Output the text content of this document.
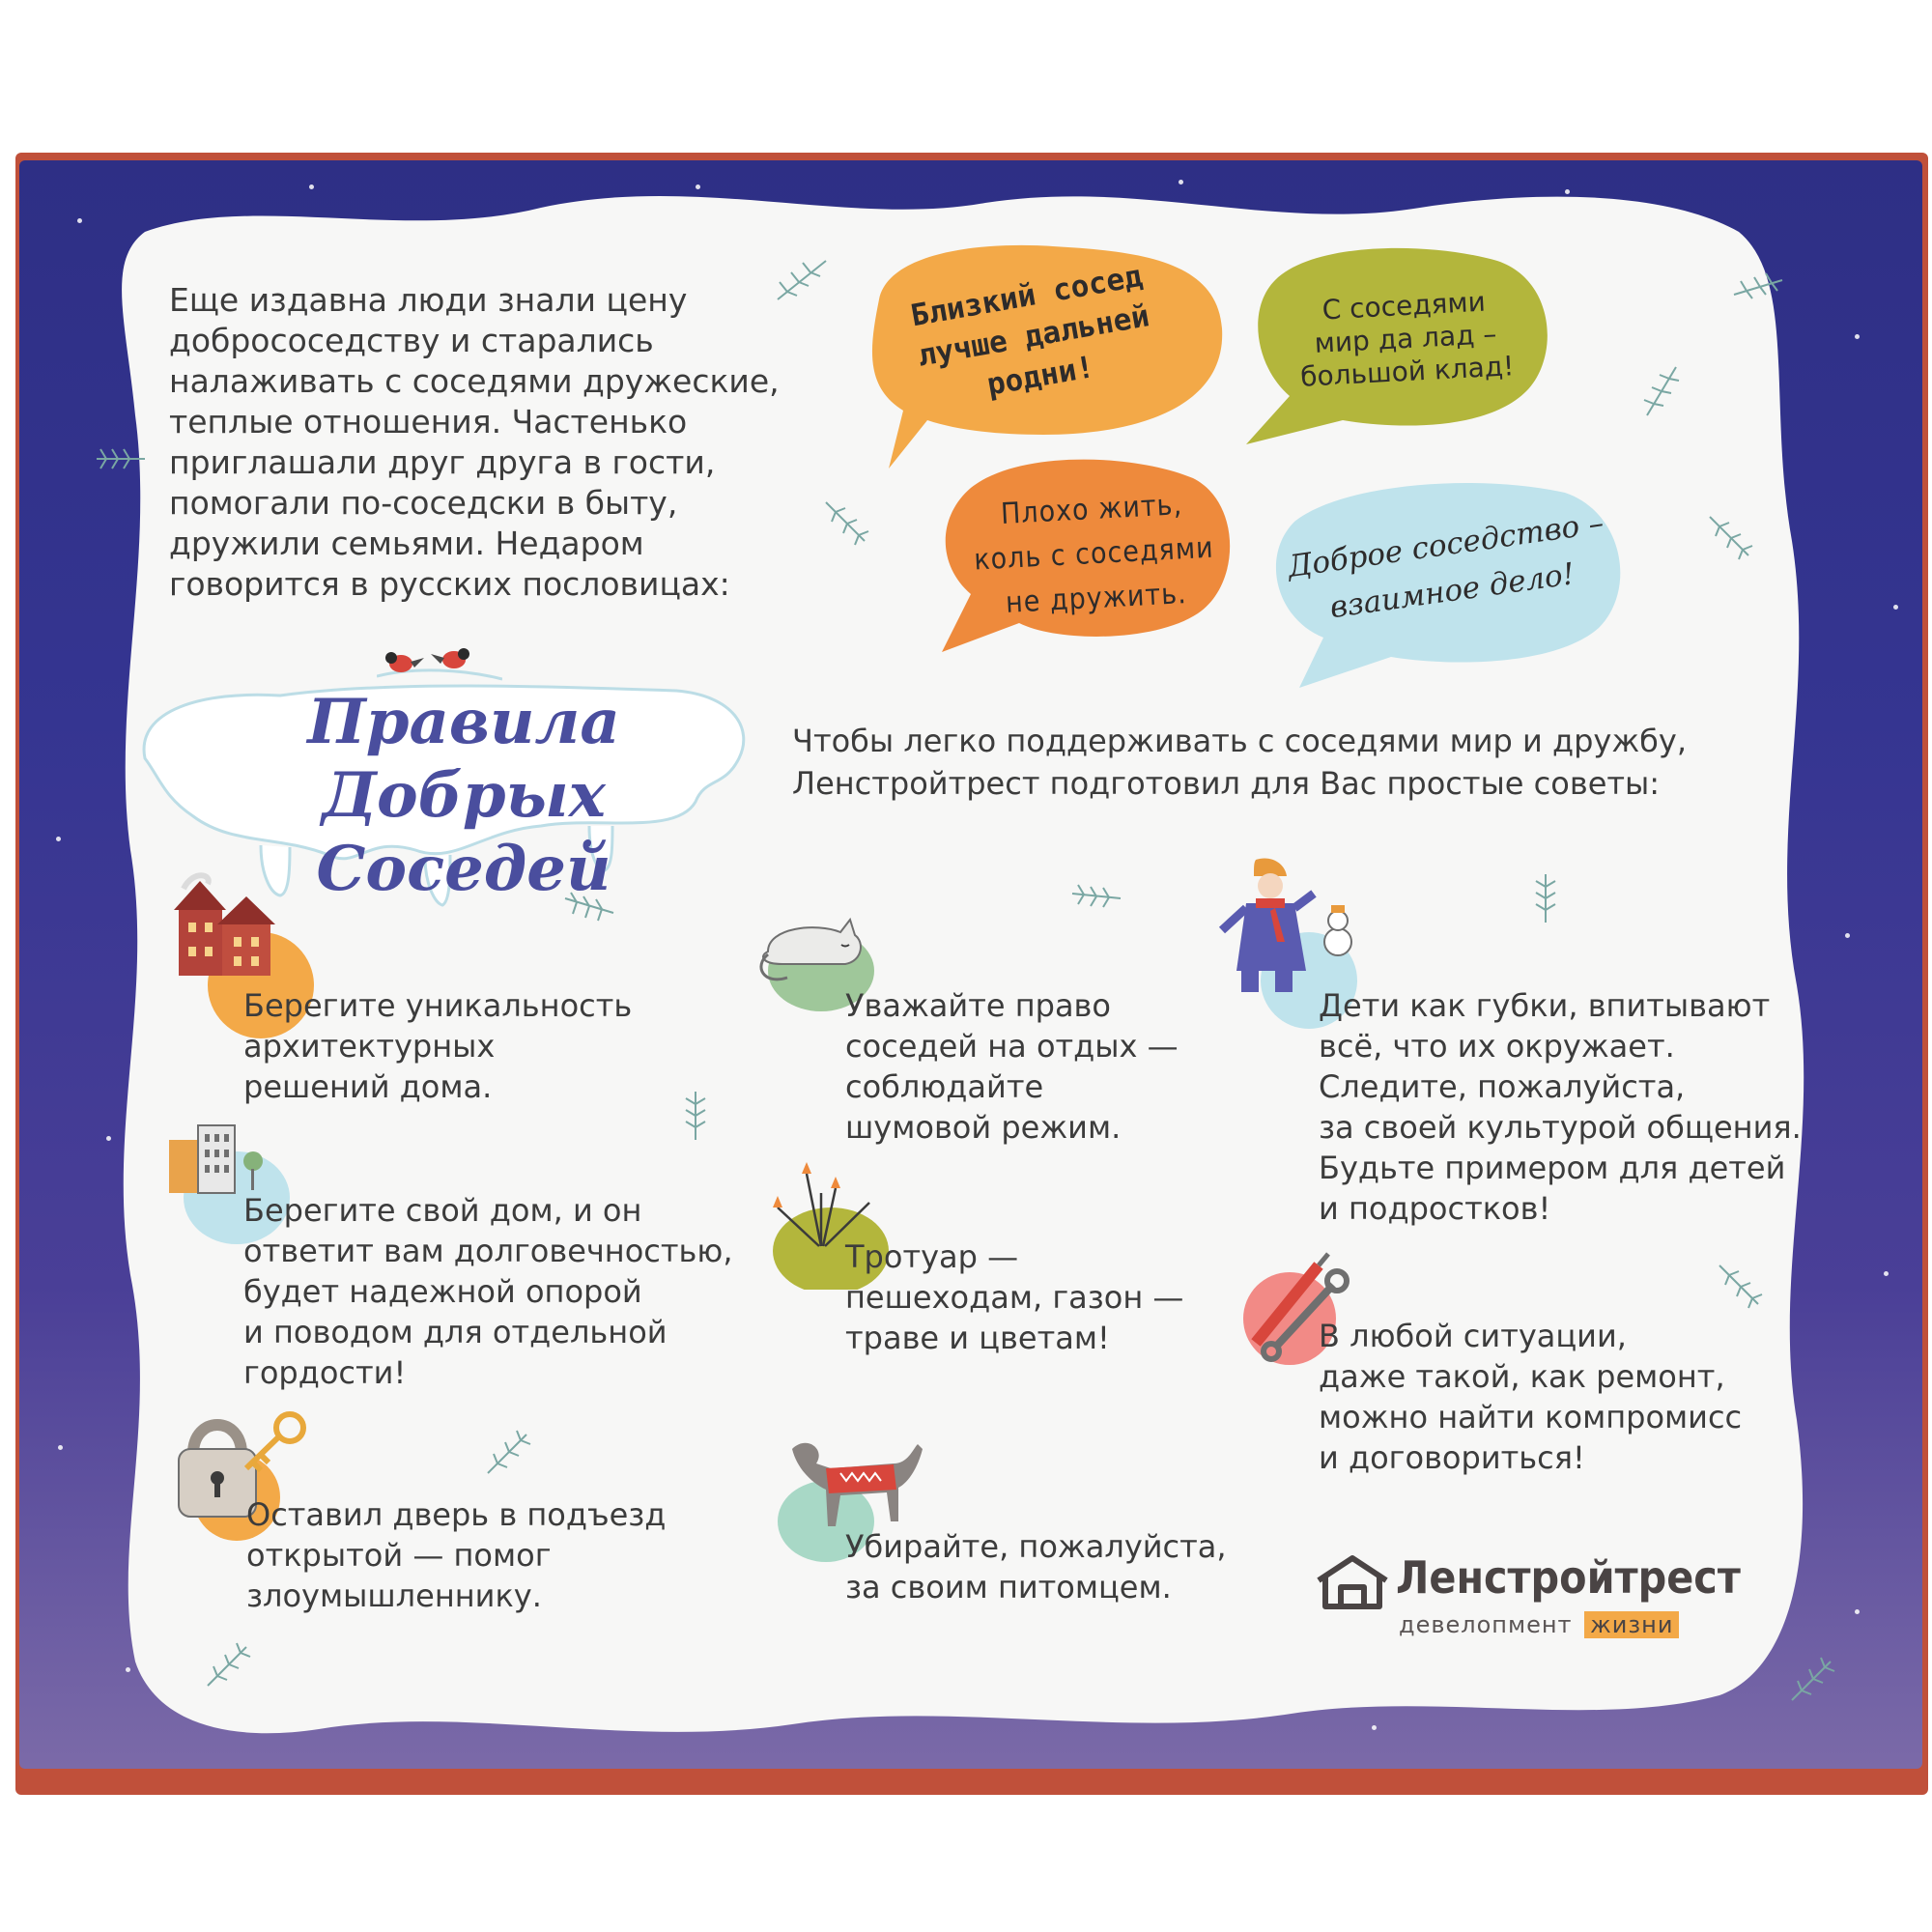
Еще издавна люди знали цену
добрососедству и старались
налаживать с соседями дружеские,
теплые отношения. Частенько
приглашали друг друга в гости,
помогали по-соседски в быту,
дружили семьями. Недаром
говорится в русских пословицах:

Близкий сосед
лучше дальней
родни!
С соседями
мир да лад –
большой клад!
Плохо жить,
коль с соседями
не дружить.
Доброе соседство –
взаимное дело!
Правила Добрых
Соседей

Чтобы легко поддерживать с соседями мир и дружбу,
Ленстройтрест подготовил для Вас простые советы:

Берегите уникальность
архитектурных
решений дома.

Берегите свой дом, и он
ответит вам долговечностью,
будет надежной опорой
и поводом для отдельной
гордости!

Оставил дверь в подъезд
открытой — помог
злоумышленнику.

Уважайте право
соседей на отдых —
соблюдайте
шумовой режим.

Тротуар —
пешеходам, газон —
траве и цветам!

Убирайте, пожалуйста,
за своим питомцем.

Дети как губки, впитывают
всё, что их окружает.
Следите, пожалуйста,
за своей культурой общения.
Будьте примером для детей
и подростков!

В любой ситуации,
даже такой, как ремонт,
можно найти компромисс
и договориться!

Ленстройтрест
девелопмент жизни
